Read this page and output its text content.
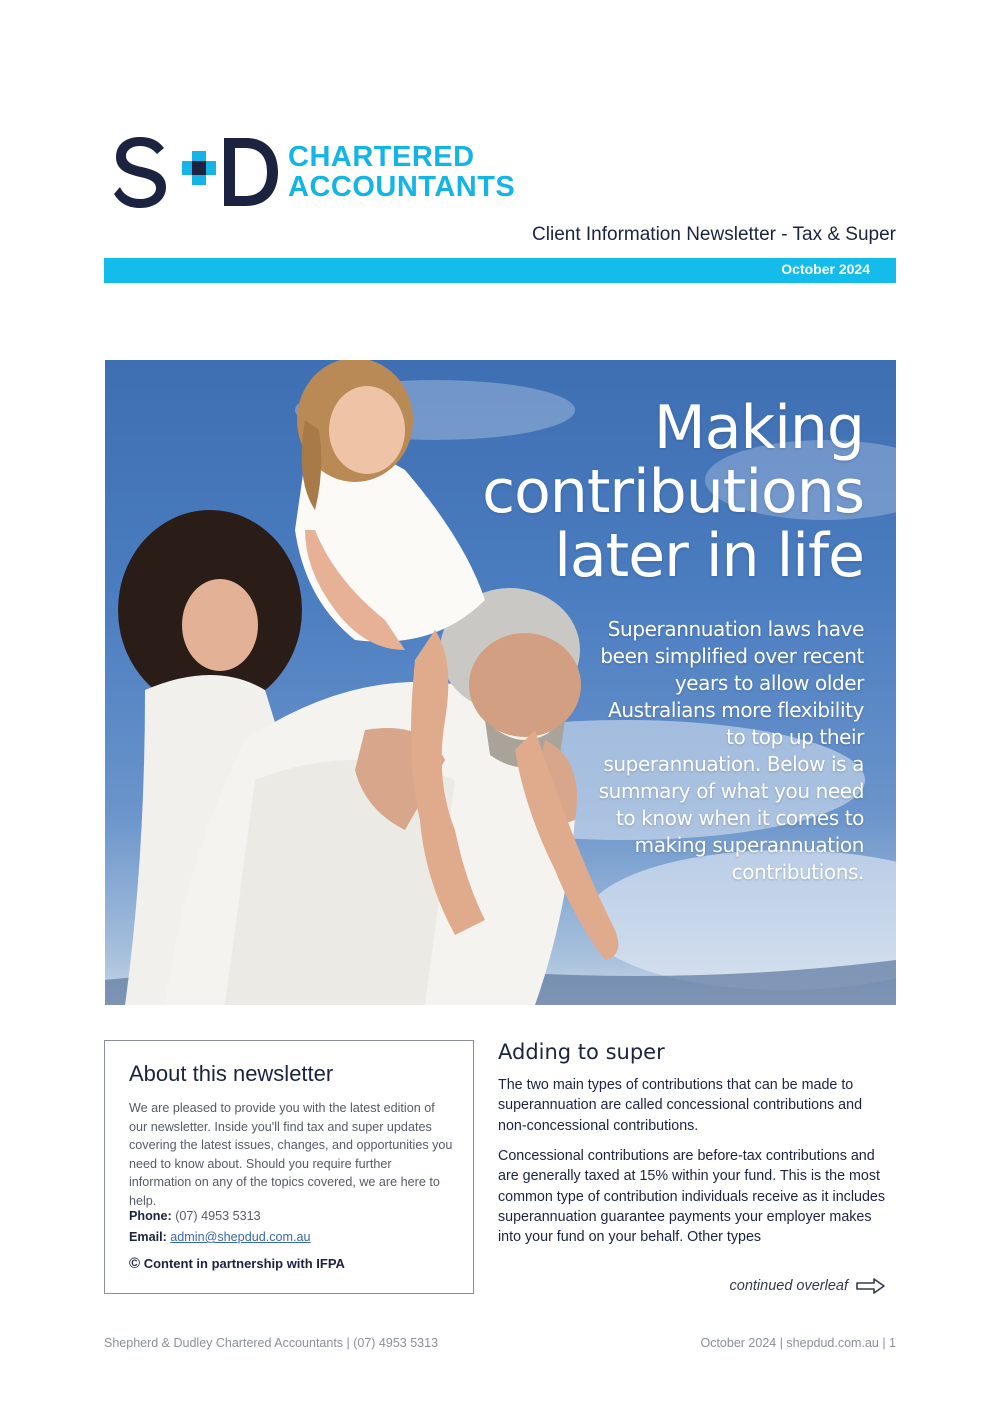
CHARTERED
ACCOUNTANTS
Client Information Newsletter - Tax & Super
October 2024
Making contributions later in life
Superannuation laws have been simplified over recent years to allow older Australians more flexibility to top up their superannuation. Below is a summary of what you need to know when it comes to making superannuation contributions.
About this newsletter
We are pleased to provide you with the latest edition of our newsletter. Inside you'll find tax and super updates covering the latest issues, changes, and opportunities you need to know about. Should you require further information on any of the topics covered, we are here to help.
Phone: (07) 4953 5313
Email: admin@shepdud.com.au
© Content in partnership with IFPA
Adding to super
The two main types of contributions that can be made to superannuation are called concessional contributions and non-concessional contributions.
Concessional contributions are before-tax contributions and are generally taxed at 15% within your fund. This is the most common type of contribution individuals receive as it includes superannuation guarantee payments your employer makes into your fund on your behalf. Other types
continued overleaf
Shepherd & Dudley Chartered Accountants | (07) 4953 5313	October 2024 | shepdud.com.au | 1
